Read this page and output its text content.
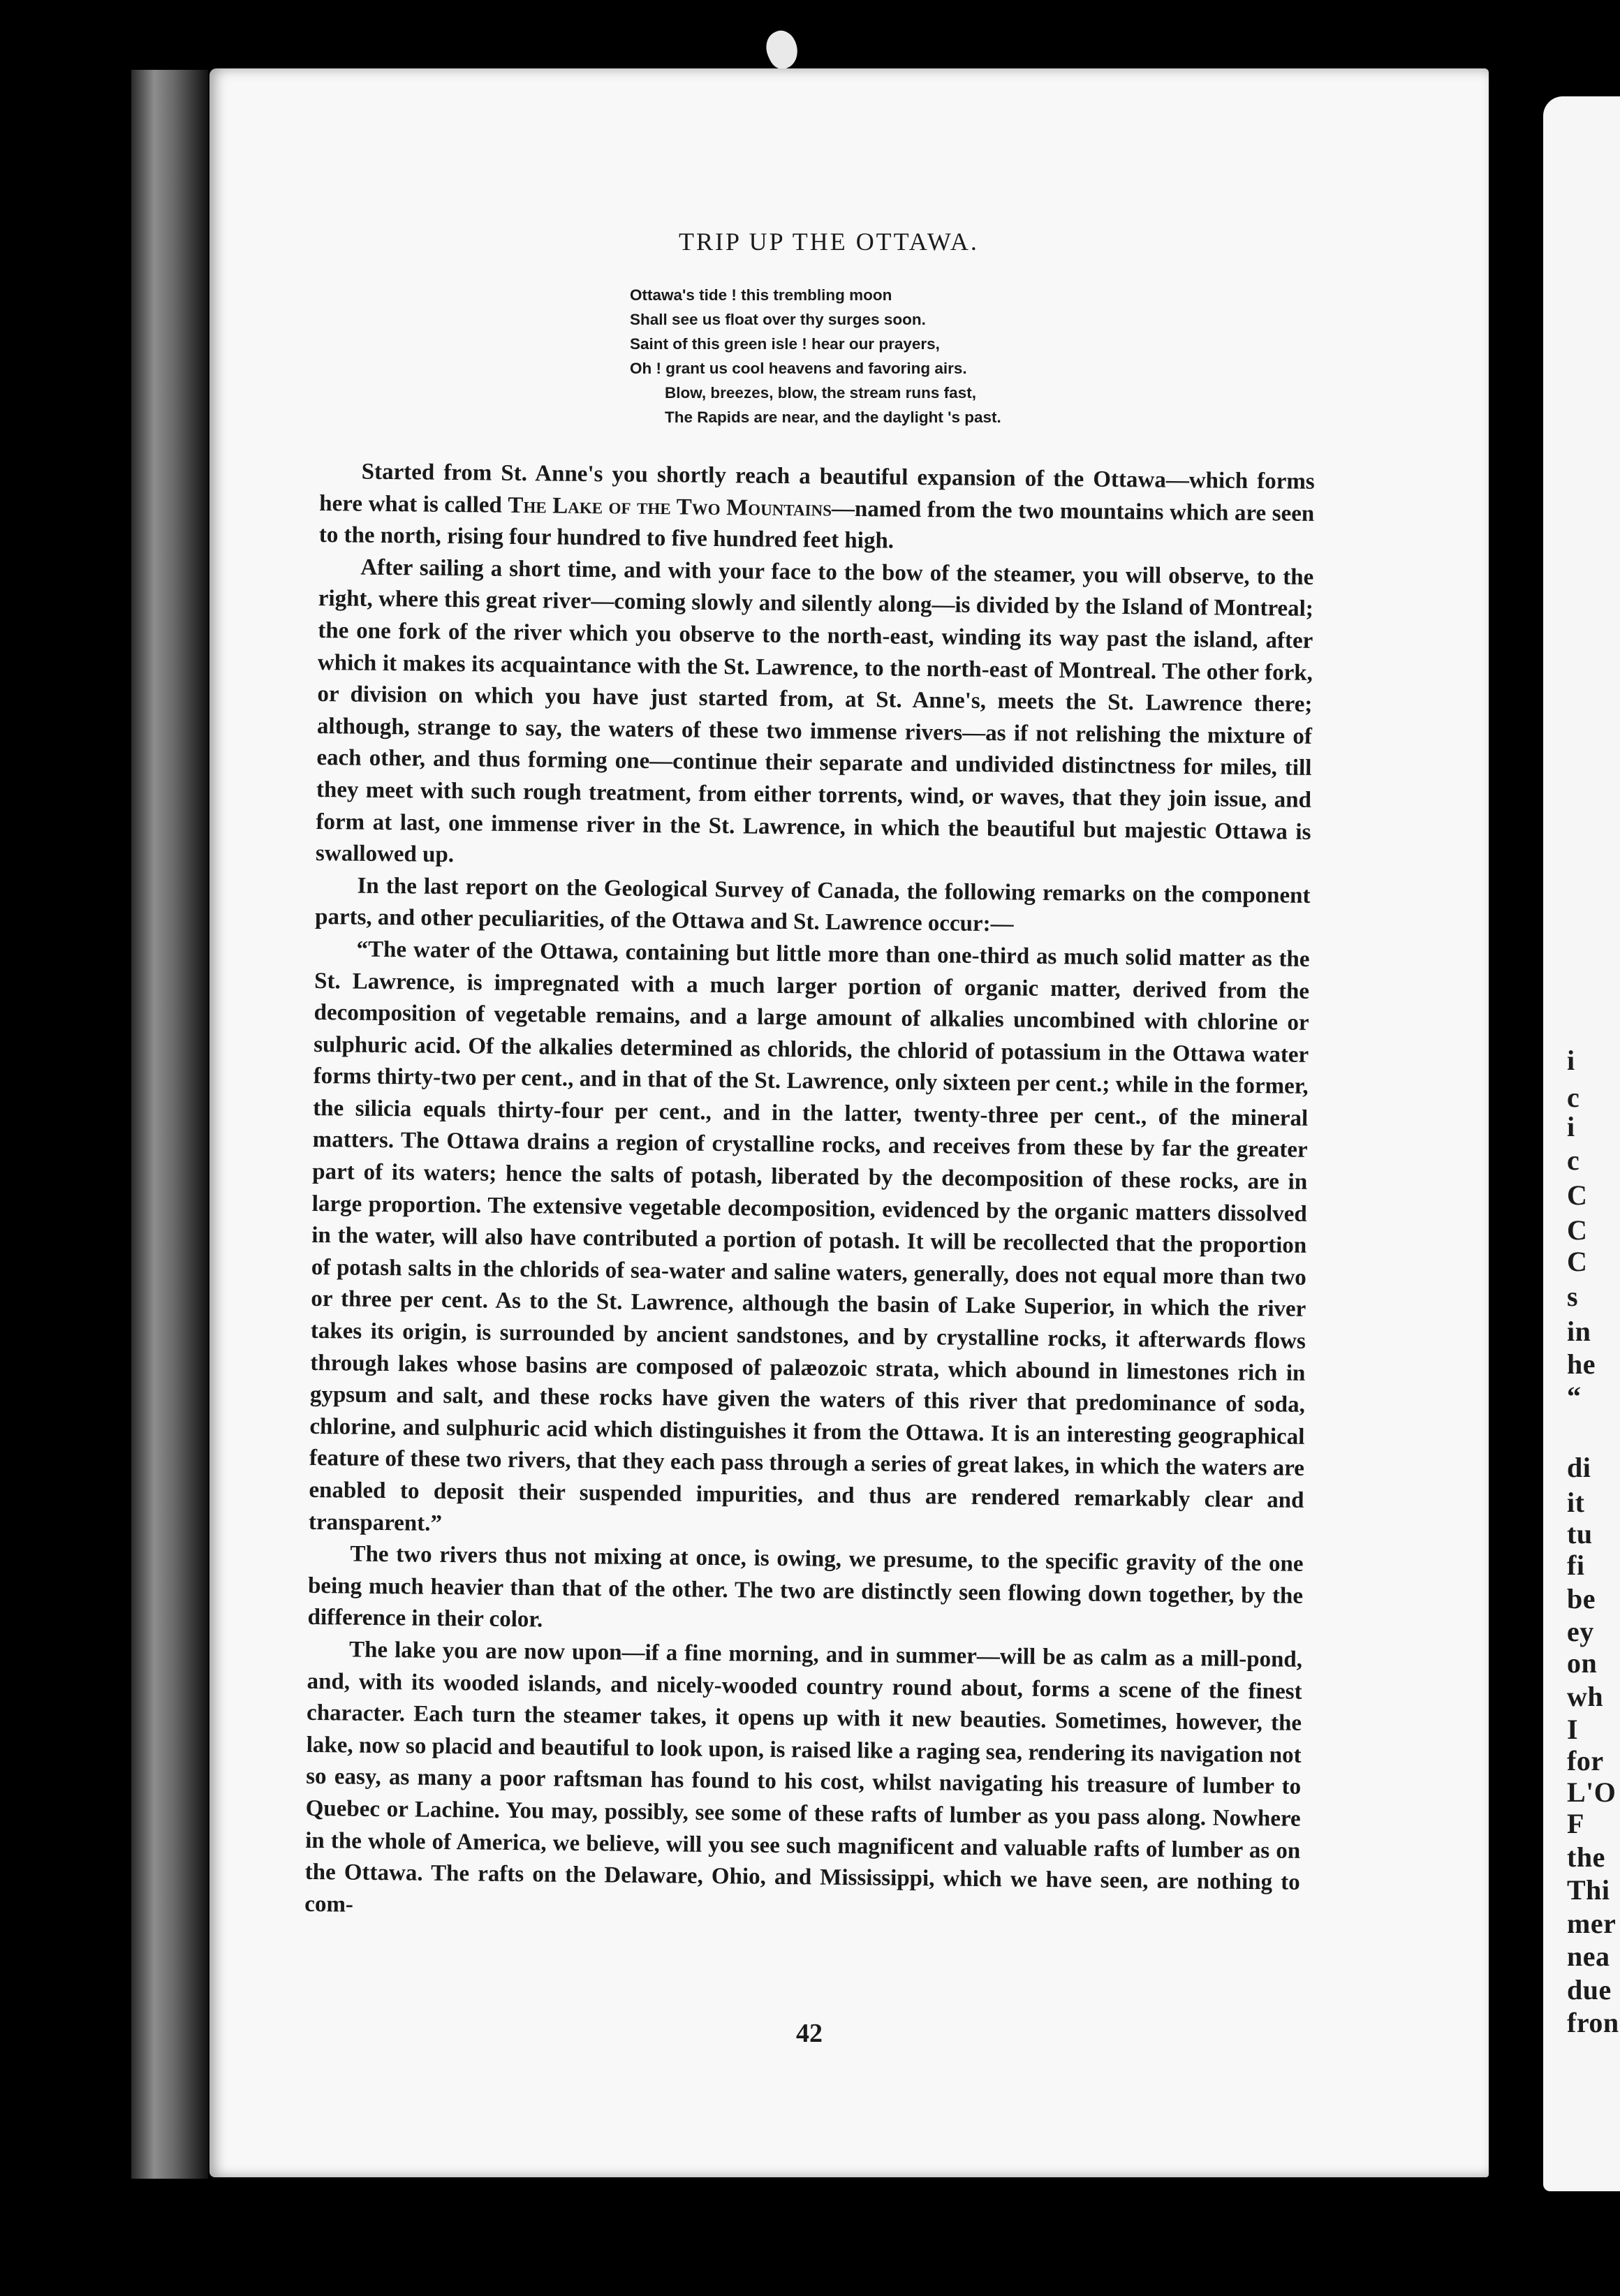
i
c
i
c
C
C
C
s
in
he
“
di
it
tu
fi
be
ey
on
wh
I
for
L'O
F
the
Thi
mer
nea
due
fron
TRIP UP THE OTTAWA.
Ottawa's tide ! this trembling moon
Shall see us float over thy surges soon.
Saint of this green isle ! hear our prayers,
Oh ! grant us cool heavens and favoring airs.
Blow, breezes, blow, the stream runs fast,
The Rapids are near, and the daylight 's past.

Started from St. Anne's you shortly reach a beautiful expansion of the Ottawa—which forms here what is called The Lake of the Two Mountains—named from the two mountains which are seen to the north, rising four hundred to five hundred feet high.

After sailing a short time, and with your face to the bow of the steamer, you will observe, to the right, where this great river—coming slowly and silently along—is divided by the Island of Montreal; the one fork of the river which you observe to the north-east, winding its way past the island, after which it makes its acquaintance with the St. Lawrence, to the north-east of Montreal. The other fork, or division on which you have just started from, at St. Anne's, meets the St. Lawrence there; although, strange to say, the waters of these two immense rivers—as if not relishing the mixture of each other, and thus forming one—continue their separate and undivided distinctness for miles, till they meet with such rough treatment, from either torrents, wind, or waves, that they join issue, and form at last, one immense river in the St. Lawrence, in which the beautiful but majestic Ottawa is swallowed up.

In the last report on the Geological Survey of Canada, the following remarks on the component parts, and other peculiarities, of the Ottawa and St. Lawrence occur:—

“The water of the Ottawa, containing but little more than one-third as much solid matter as the St. Lawrence, is impregnated with a much larger portion of organic matter, derived from the decomposition of vegetable remains, and a large amount of alkalies uncombined with chlorine or sulphuric acid. Of the alkalies determined as chlorids, the chlorid of potassium in the Ottawa water forms thirty-two per cent., and in that of the St. Lawrence, only sixteen per cent.; while in the former, the silicia equals thirty-four per cent., and in the latter, twenty-three per cent., of the mineral matters. The Ottawa drains a region of crystalline rocks, and receives from these by far the greater part of its waters; hence the salts of potash, liberated by the decomposition of these rocks, are in large proportion. The extensive vegetable decomposition, evidenced by the organic matters dissolved in the water, will also have contributed a portion of potash. It will be recollected that the proportion of potash salts in the chlorids of sea-water and saline waters, generally, does not equal more than two or three per cent. As to the St. Lawrence, although the basin of Lake Superior, in which the river takes its origin, is surrounded by ancient sandstones, and by crystalline rocks, it afterwards flows through lakes whose basins are composed of palæozoic strata, which abound in limestones rich in gypsum and salt, and these rocks have given the waters of this river that predominance of soda, chlorine, and sulphuric acid which distinguishes it from the Ottawa. It is an interesting geographical feature of these two rivers, that they each pass through a series of great lakes, in which the waters are enabled to deposit their suspended impurities, and thus are rendered remarkably clear and transparent.”

The two rivers thus not mixing at once, is owing, we presume, to the specific gravity of the one being much heavier than that of the other. The two are distinctly seen flowing down together, by the difference in their color.

The lake you are now upon—if a fine morning, and in summer—will be as calm as a mill-pond, and, with its wooded islands, and nicely-wooded country round about, forms a scene of the finest character. Each turn the steamer takes, it opens up with it new beauties. Sometimes, however, the lake, now so placid and beautiful to look upon, is raised like a raging sea, rendering its navigation not so easy, as many a poor raftsman has found to his cost, whilst navigating his treasure of lumber to Quebec or Lachine. You may, possibly, see some of these rafts of lumber as you pass along. Nowhere in the whole of America, we believe, will you see such magnificent and valuable rafts of lumber as on the Ottawa. The rafts on the Delaware, Ohio, and Mississippi, which we have seen, are nothing to com-

42
